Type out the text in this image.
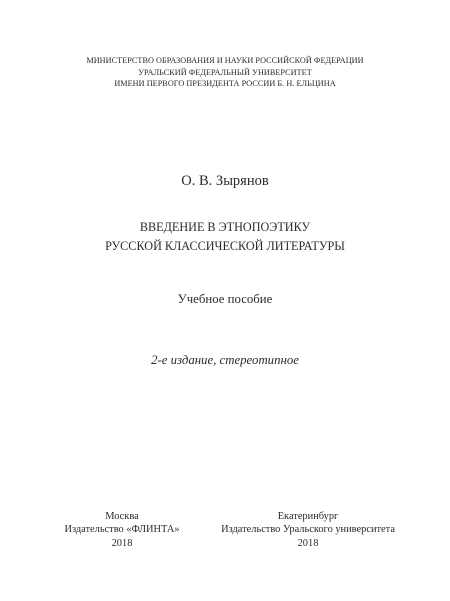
МИНИСТЕРСТВО ОБРАЗОВАНИЯ И НАУКИ РОССИЙСКОЙ ФЕДЕРАЦИИ
УРАЛЬСКИЙ ФЕДЕРАЛЬНЫЙ УНИВЕРСИТЕТ
ИМЕНИ ПЕРВОГО ПРЕЗИДЕНТА РОССИИ Б. Н. ЕЛЬЦИНА
О. В. Зырянов
ВВЕДЕНИЕ В ЭТНОПОЭТИКУ
РУССКОЙ КЛАССИЧЕСКОЙ ЛИТЕРАТУРЫ
Учебное пособие
2-е издание, стереотипное
Москва
Издательство «ФЛИНТА»
2018
Екатеринбург
Издательство Уральского университета
2018
